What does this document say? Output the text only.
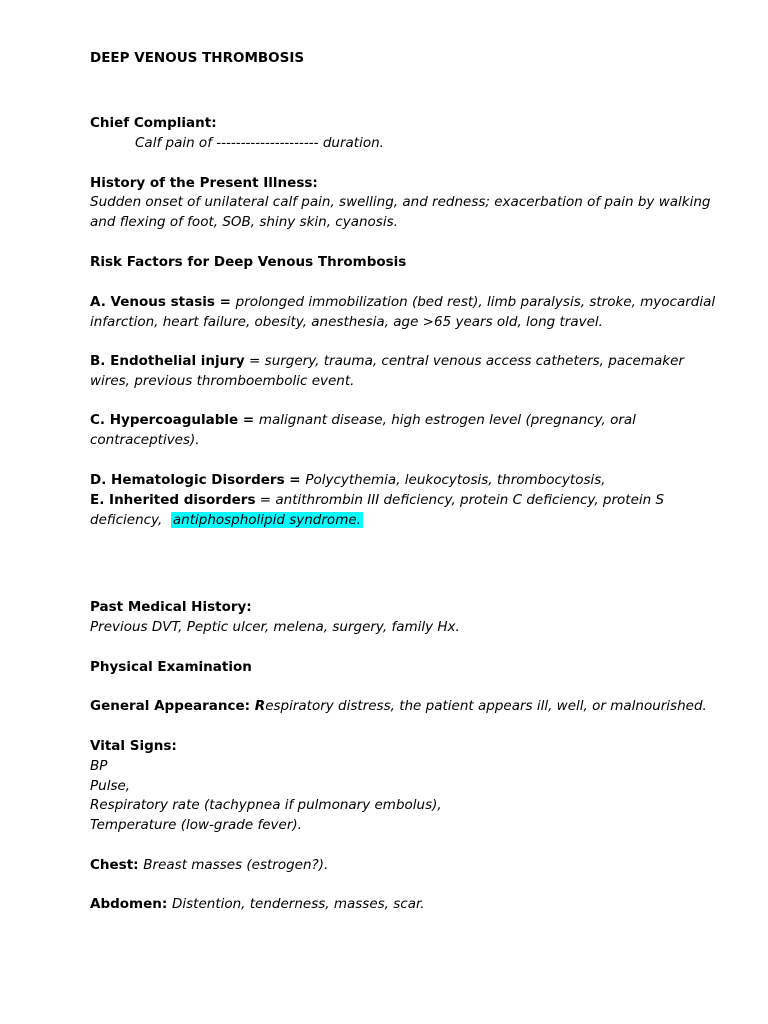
DEEP VENOUS THROMBOSIS
Chief Compliant:
Calf pain of --------------------- duration.
History of the Present Illness:
Sudden onset of unilateral calf pain, swelling, and redness; exacerbation of pain by walking
and flexing of foot, SOB, shiny skin, cyanosis.
Risk Factors for Deep Venous Thrombosis
A. Venous stasis = prolonged immobilization (bed rest), limb paralysis, stroke, myocardial
infarction, heart failure, obesity, anesthesia, age >65 years old, long travel.
B. Endothelial injury = surgery, trauma, central venous access catheters, pacemaker
wires, previous thromboembolic event.
C. Hypercoagulable = malignant disease, high estrogen level (pregnancy, oral
contraceptives).
D. Hematologic Disorders = Polycythemia, leukocytosis, thrombocytosis,
E. Inherited disorders = antithrombin III deficiency, protein C deficiency, protein S
deficiency,  antiphospholipid syndrome.
Past Medical History:
Previous DVT, Peptic ulcer, melena, surgery, family Hx.
Physical Examination
General Appearance: Respiratory distress, the patient appears ill, well, or malnourished.
Vital Signs:
BP
Pulse,
Respiratory rate (tachypnea if pulmonary embolus),
Temperature (low-grade fever).
Chest: Breast masses (estrogen?).
Abdomen: Distention, tenderness, masses, scar.
